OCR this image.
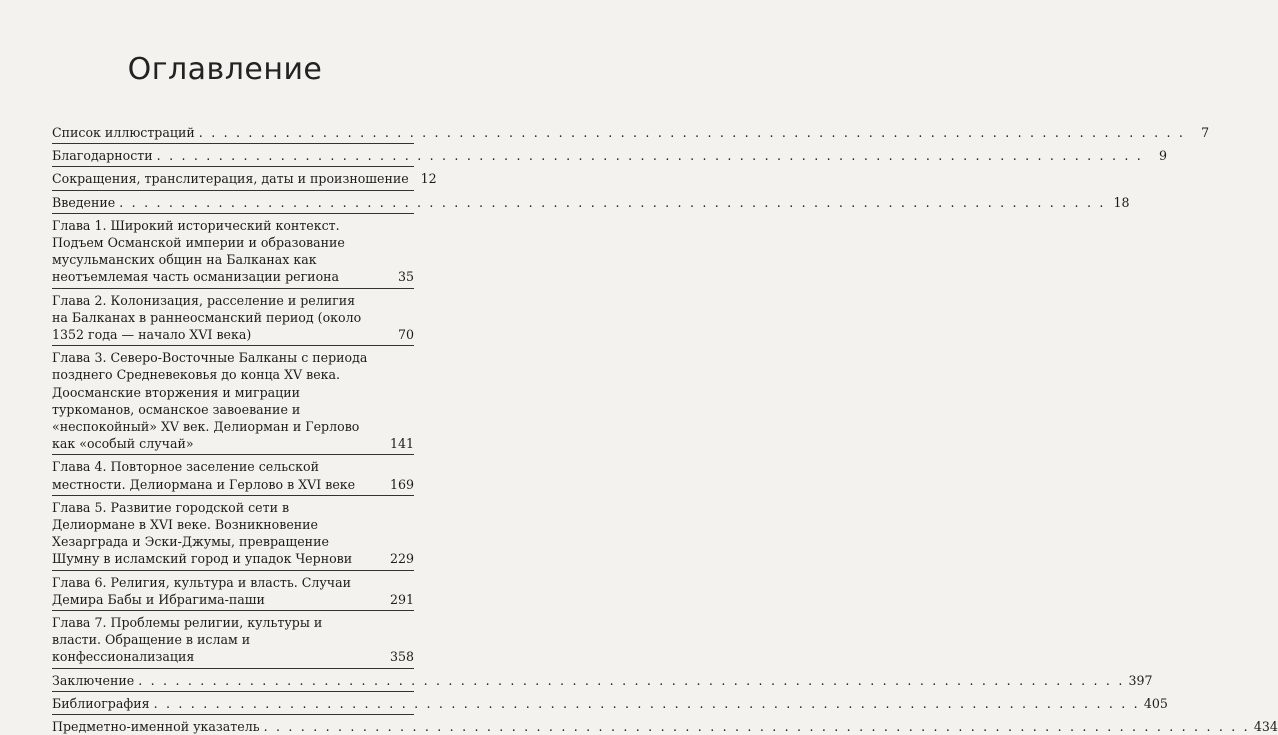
Оглавление
Список иллюстраций . . . . . . . . . . . . . . . . . . . . . . . . . . . . . . . . . . . . . . . . . . . . . . . . . . . . . . . . . . . . . . . . . . . . . . . . . . . . . . . .	7
Благодарности . . . . . . . . . . . . . . . . . . . . . . . . . . . . . . . . . . . . . . . . . . . . . . . . . . . . . . . . . . . . . . . . . . . . . . . . . . . . . . . .	9
Сокращения, транслитерация, даты и произношение 12
Введение . . . . . . . . . . . . . . . . . . . . . . . . . . . . . . . . . . . . . . . . . . . . . . . . . . . . . . . . . . . . . . . . . . . . . . . . . . . . . . . . 18
Глава 1. Широкий исторический контекст. Подъем Османской империи и образование мусульманских общин на Балканах как неотъемлемая часть османизации региона	35
Глава 2. Колонизация, расселение и религия на Балканах в раннеосманский период (около 1352 года — начало XVI века)	70
Глава 3. Северо-Восточные Балканы с периода позднего Средневековья до конца XV века. Доосманские вторжения и миграции туркоманов, османское завоевание и «неспокойный» XV век. Делиорман и Герлово как «особый случай»	141
Глава 4. Повторное заселение сельской местности. Делиормана и Герлово в XVI веке	169
Глава 5. Развитие городской сети в Делиормане в XVI веке. Возникновение Хезарграда и Эски-Джумы, превращение Шумну в исламский город и упадок Чернови	229
Глава 6. Религия, культура и власть. Случаи Демира Бабы и Ибрагима-паши	291
Глава 7. Проблемы религии, культуры и власти. Обращение в ислам и конфессионализация	358
Заключение . . . . . . . . . . . . . . . . . . . . . . . . . . . . . . . . . . . . . . . . . . . . . . . . . . . . . . . . . . . . . . . . . . . . . . . . . . . . . . . . 397
Библиография . . . . . . . . . . . . . . . . . . . . . . . . . . . . . . . . . . . . . . . . . . . . . . . . . . . . . . . . . . . . . . . . . . . . . . . . . . . . . . . . 405
Предметно-именной указатель . . . . . . . . . . . . . . . . . . . . . . . . . . . . . . . . . . . . . . . . . . . . . . . . . . . . . . . . . . . . . . . . . . . . . . . . . . . . . . . . 434
